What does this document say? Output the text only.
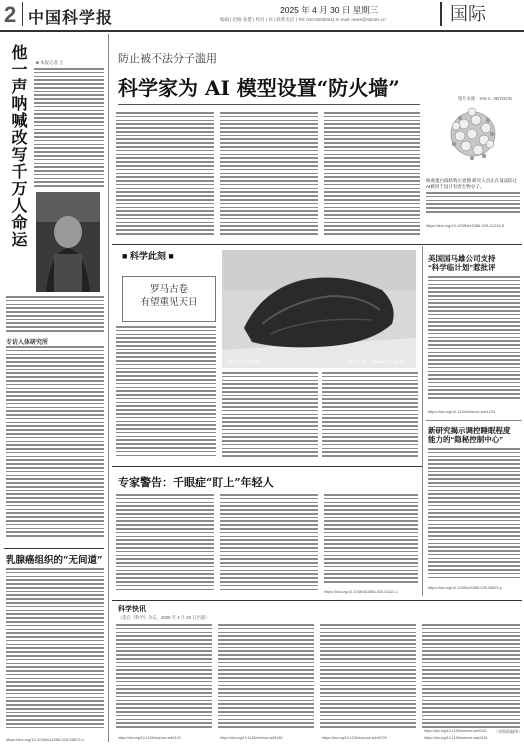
2 中国科学报	2025 年 4 月 30 日 星期三
编辑 | 赵路 张楚 | 校对 | 何 | 联系电话 | Tel: 010-62580611 E-mail: news@stimes.cn	国际
他一声呐喊改写千万人命运	■ 本报记者 王
专访人体研究所
乳腺癌组织的“无间道”
https://doi.org/10.1038/s41586-025-08873-z
防止被不法分子滥用
科学家为 AI 模型设置“防火墙”	图片来源：IAN C. HEYDON
病毒蛋白质结构示意图 研究人员正在设法防止AI被用于设计有害生物分子。
https://doi.org/10.1038/d41586-025-01234-5
■ 科学此刻 ■
罗马古卷
有望重见天日
赫库兰尼姆纸卷。	图片来源：Salvatore Laporta
美国国马雄公司支持
“科学临计划”惹批评
https://doi.org/10.1126/science.adx1234
新研究揭示调控睡眠程度
能力的“隐秘控制中心”
https://doi.org/10.1038/s41586-025-08822-y
专家警告：千眼症“盯上”年轻人
https://doi.org/10.1038/d41586-025-01122-1
科学快讯
（选自《科学》杂志，2025 年 4 月 25 日出版）
https://doi.org/10.1126/science.adr1133	https://doi.org/10.1126/science.adt1484	https://doi.org/10.1126/science.adm5799
https://doi.org/10.1126/science.adr0421
https://doi.org/10.1126/science.adp4181
（刘秋晗编译）
